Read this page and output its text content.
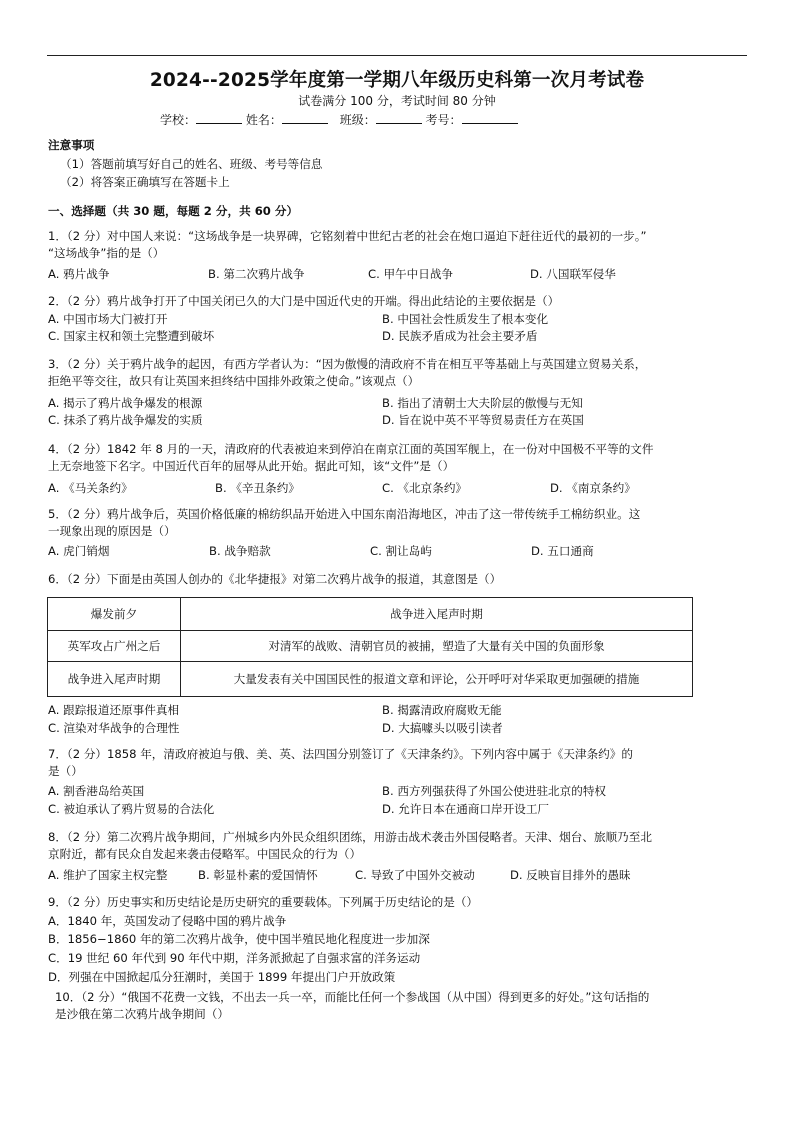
2024--2025学年度第一学期八年级历史科第一次月考试卷
试卷满分 100 分，考试时间 80 分钟
学校：	姓名：	班级：	考号：
注意事项
（1）答题前填写好自己的姓名、班级、考号等信息
（2）将答案正确填写在答题卡上
一、选择题（共 30 题，每题 2 分，共 60 分）
1．（2 分）对中国人来说：“这场战争是一块界碑，它铭刻着中世纪古老的社会在炮口逼迫下赶往近代的最初的一步。”
“这场战争”指的是（）
A. 鸦片战争	B. 第二次鸦片战争	C. 甲午中日战争	D. 八国联军侵华
2．（2 分）鸦片战争打开了中国关闭已久的大门是中国近代史的开端。得出此结论的主要依据是（）
A. 中国市场大门被打开	B. 中国社会性质发生了根本变化
C. 国家主权和领土完整遭到破坏	D. 民族矛盾成为社会主要矛盾
3．（2 分）关于鸦片战争的起因，有西方学者认为：“因为傲慢的清政府不肯在相互平等基础上与英国建立贸易关系，
拒绝平等交往，故只有让英国来担终结中国排外政策之使命。”该观点（）
A. 揭示了鸦片战争爆发的根源	B. 指出了清朝士大夫阶层的傲慢与无知
C. 抹杀了鸦片战争爆发的实质	D. 旨在说中英不平等贸易责任方在英国
4．（2 分）1842 年 8 月的一天，清政府的代表被迫来到停泊在南京江面的英国军舰上，在一份对中国极不平等的文件
上无奈地签下名字。中国近代百年的屈辱从此开始。据此可知，该“文件”是（）
A. 《马关条约》	B. 《辛丑条约》	C. 《北京条约》	D. 《南京条约》
5．（2 分）鸦片战争后，英国价格低廉的棉纺织品开始进入中国东南沿海地区，冲击了这一带传统手工棉纺织业。这
一现象出现的原因是（）
A. 虎门销烟	B. 战争赔款	C. 割让岛屿	D. 五口通商
6．（2 分）下面是由英国人创办的《北华捷报》对第二次鸦片战争的报道，其意图是（）
爆发前夕	战争进入尾声时期
英军攻占广州之后	对清军的战败、清朝官员的被捕，塑造了大量有关中国的负面形象
战争进入尾声时期	大量发表有关中国国民性的报道文章和评论，公开呼吁对华采取更加强硬的措施
A. 跟踪报道还原事件真相	B. 揭露清政府腐败无能
C. 渲染对华战争的合理性	D. 大搞噱头以吸引读者
7．（2 分）1858 年，清政府被迫与俄、美、英、法四国分别签订了《天津条约》。下列内容中属于《天津条约》的
是（）
A. 割香港岛给英国	B. 西方列强获得了外国公使进驻北京的特权
C. 被迫承认了鸦片贸易的合法化	D. 允许日本在通商口岸开设工厂
8．（2 分）第二次鸦片战争期间，广州城乡内外民众组织团练，用游击战术袭击外国侵略者。天津、烟台、旅顺乃至北
京附近，都有民众自发起来袭击侵略军。中国民众的行为（）
A. 维护了国家主权完整	B. 彰显朴素的爱国情怀	C. 导致了中国外交被动	D. 反映盲目排外的愚昧
9．（2 分）历史事实和历史结论是历史研究的重要载体。下列属于历史结论的是（）
A．1840 年，英国发动了侵略中国的鸦片战争
B．1856−1860 年的第二次鸦片战争，使中国半殖民地化程度进一步加深
C．19 世纪 60 年代到 90 年代中期，洋务派掀起了自强求富的洋务运动
D．列强在中国掀起瓜分狂潮时，美国于 1899 年提出门户开放政策
10．（2 分）“俄国不花费一文钱，不出去一兵一卒，而能比任何一个参战国（从中国）得到更多的好处。”这句话指的
是沙俄在第二次鸦片战争期间（）
